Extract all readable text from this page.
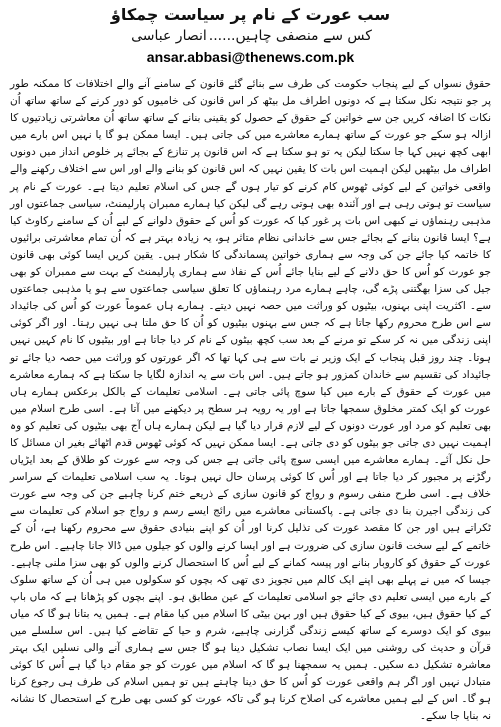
سب عورت کے نام پر سیاست چمکاؤ
کس سے منصفی چاہیں......انصار عباسی
ansar.abbasi@thenews.com.pk

حقوق نسواں کے لیے پنجاب حکومت کی طرف سے بنائے گئے قانون کے سامنے آنے والے اختلافات کا ممکنہ طور پر جو نتیجہ نکل سکتا ہے کہ دونوں اطراف مل بیٹھ کر اس قانون کی خامیوں کو دور کرنے کے ساتھ ساتھ اُن نکات کا اضافہ کریں جن سے خواتین کے حقوق کے حصول کو یقینی بنانے کے ساتھ ساتھ اُن معاشرتی زیادتیوں کا ازالہ ہو سکے جو عورت کے ساتھ ہمارے معاشرے میں کی جاتی ہیں۔ ایسا ممکن ہو گا یا نہیں اس بارے میں ابھی کچھ نہیں کہا جا سکتا لیکن یہ تو ہو سکتا ہے کہ اس قانون پر تنازع کے بجائے پر خلوص انداز میں دونوں اطراف مل بیٹھیں لیکن اہمیت اس بات کا یقین نہیں کہ اس قانون کو بنانے والے اور اس سے اختلاف رکھنے والے واقعی خواتین کے لیے کوئی ٹھوس کام کرنے کو تیار ہوں گے جس کی اسلام تعلیم دیتا ہے۔ عورت کے نام پر سیاست تو ہوتی رہی ہے اور آئندہ بھی ہوتی رہے گی لیکن کیا ہمارے ممبران پارلیمنٹ، سیاسی جماعتوں اور مذہبی رہنماؤں نے کبھی اس بات پر غور کیا کہ عورت کو اُس کے حقوق دلوانے کے لیے اُن کے سامنے رکاوٹ کیا ہے؟ ایسا قانون بنانے کے بجائے جس سے خاندانی نظام متاثر ہو، یہ زیادہ بہتر ہے کہ اُن تمام معاشرتی برائیوں کا خاتمہ کیا جائے جن کی وجہ سے ہماری خواتین پسماندگی کا شکار ہیں۔ یقین کریں ایسا کوئی بھی قانون جو عورت کو اُس کا حق دلانے کے لیے بنایا جائے اُس کے نفاذ سے ہماری پارلیمنٹ کے بہت سے ممبران کو بھی جیل کی سزا بھگتنی پڑے گی، چاہے ہمارے مرد رہنماؤں کا تعلق سیاسی جماعتوں سے ہو یا مذہبی جماعتوں سے۔ اکثریت اپنی بہنوں، بیٹیوں کو وراثت میں حصہ نہیں دیتے۔ ہمارے ہاں عموماً عورت کو اُس کی جائیداد سے اس طرح محروم رکھا جاتا ہے کہ جس سے بہنوں بیٹیوں کو اُن کا حق ملتا ہی نہیں رہتا۔ اور اگر کوئی اپنی زندگی میں نہ کر سکے تو مرنے کے بعد سب کچھ بیٹوں کے نام کر دیا جاتا ہے اور بیٹیوں کا نام کہیں نہیں ہوتا۔ چند روز قبل پنجاب کے ایک وزیر نے بات سے ہی کہا تھا کہ اگر عورتوں کو وراثت میں حصہ دیا جائے تو جائیداد کی تقسیم سے خاندان کمزور ہو جاتے ہیں۔ اس بات سے یہ اندازہ لگایا جا سکتا ہے کہ ہمارے معاشرے میں عورت کے حقوق کے بارے میں کیا سوچ پائی جاتی ہے۔ اسلامی تعلیمات کے بالکل برعکس ہمارے ہاں عورت کو ایک کمتر مخلوق سمجھا جاتا ہے اور یہ رویہ ہر سطح پر دیکھنے میں آتا ہے۔ اسی طرح اسلام میں بھی تعلیم کو مرد اور عورت دونوں کے لیے لازم قرار دیا گیا ہے لیکن ہمارے ہاں آج بھی بیٹیوں کی تعلیم کو وہ اہمیت نہیں دی جاتی جو بیٹوں کو دی جاتی ہے۔ ایسا ممکن نہیں کہ کوئی ٹھوس قدم اٹھائے بغیر ان مسائل کا حل نکل آئے۔ ہمارے معاشرے میں ایسی سوچ پائی جاتی ہے جس کی وجہ سے عورت کو طلاق کے بعد ایڑیاں رگڑنے پر مجبور کر دیا جاتا ہے اور اُس کا کوئی پرسان حال نہیں ہوتا۔ یہ سب اسلامی تعلیمات کے سراسر خلاف ہے۔ اسی طرح منفی رسوم و رواج کو قانون سازی کے ذریعے ختم کرنا چاہیے جن کی وجہ سے عورت کی زندگی اجیرن بنا دی جاتی ہے۔ پاکستانی معاشرے میں رائج ایسے رسم و رواج جو اسلام کی تعلیمات سے ٹکراتے ہیں اور جن کا مقصد عورت کی تذلیل کرنا اور اُن کو اپنے بنیادی حقوق سے محروم رکھنا ہے، اُن کے خاتمے کے لیے سخت قانون سازی کی ضرورت ہے اور ایسا کرنے والوں کو جیلوں میں ڈالا جانا چاہیے۔ اس طرح عورت کے حقوق کو کاروبار بنانے اور پیسہ کمانے کے لیے اُس کا استحصال کرنے والوں کو بھی سزا ملنی چاہیے۔ جیسا کہ میں نے پہلے بھی اپنے ایک کالم میں تجویز دی تھی کہ بچوں کو سکولوں میں ہی اُن کے ساتھ سلوک کے بارے میں ایسی تعلیم دی جائے جو اسلامی تعلیمات کے عین مطابق ہو۔ اپنے بچوں کو پڑھانا ہے کہ ماں باپ کے کیا حقوق ہیں، بیوی کے کیا حقوق ہیں اور بہن بیٹی کا اسلام میں کیا مقام ہے۔ ہمیں یہ بتانا ہو گا کہ میاں بیوی کو ایک دوسرے کے ساتھ کیسے زندگی گزارنی چاہیے، شرم و حیا کے تقاضے کیا ہیں۔ اس سلسلے میں قرآن و حدیث کی روشنی میں ایک ایسا نصاب تشکیل دینا ہو گا جس سے ہماری آنے والی نسلیں ایک بہتر معاشرہ تشکیل دے سکیں۔ ہمیں یہ سمجھنا ہو گا کہ اسلام میں عورت کو جو مقام دیا گیا ہے اُس کا کوئی متبادل نہیں اور اگر ہم واقعی عورت کو اُس کا حق دینا چاہتے ہیں تو ہمیں اسلام کی طرف ہی رجوع کرنا ہو گا۔ اس کے لیے ہمیں معاشرے کی اصلاح کرنا ہو گی تاکہ عورت کو کسی بھی طرح کے استحصال کا نشانہ نہ بنایا جا سکے۔
